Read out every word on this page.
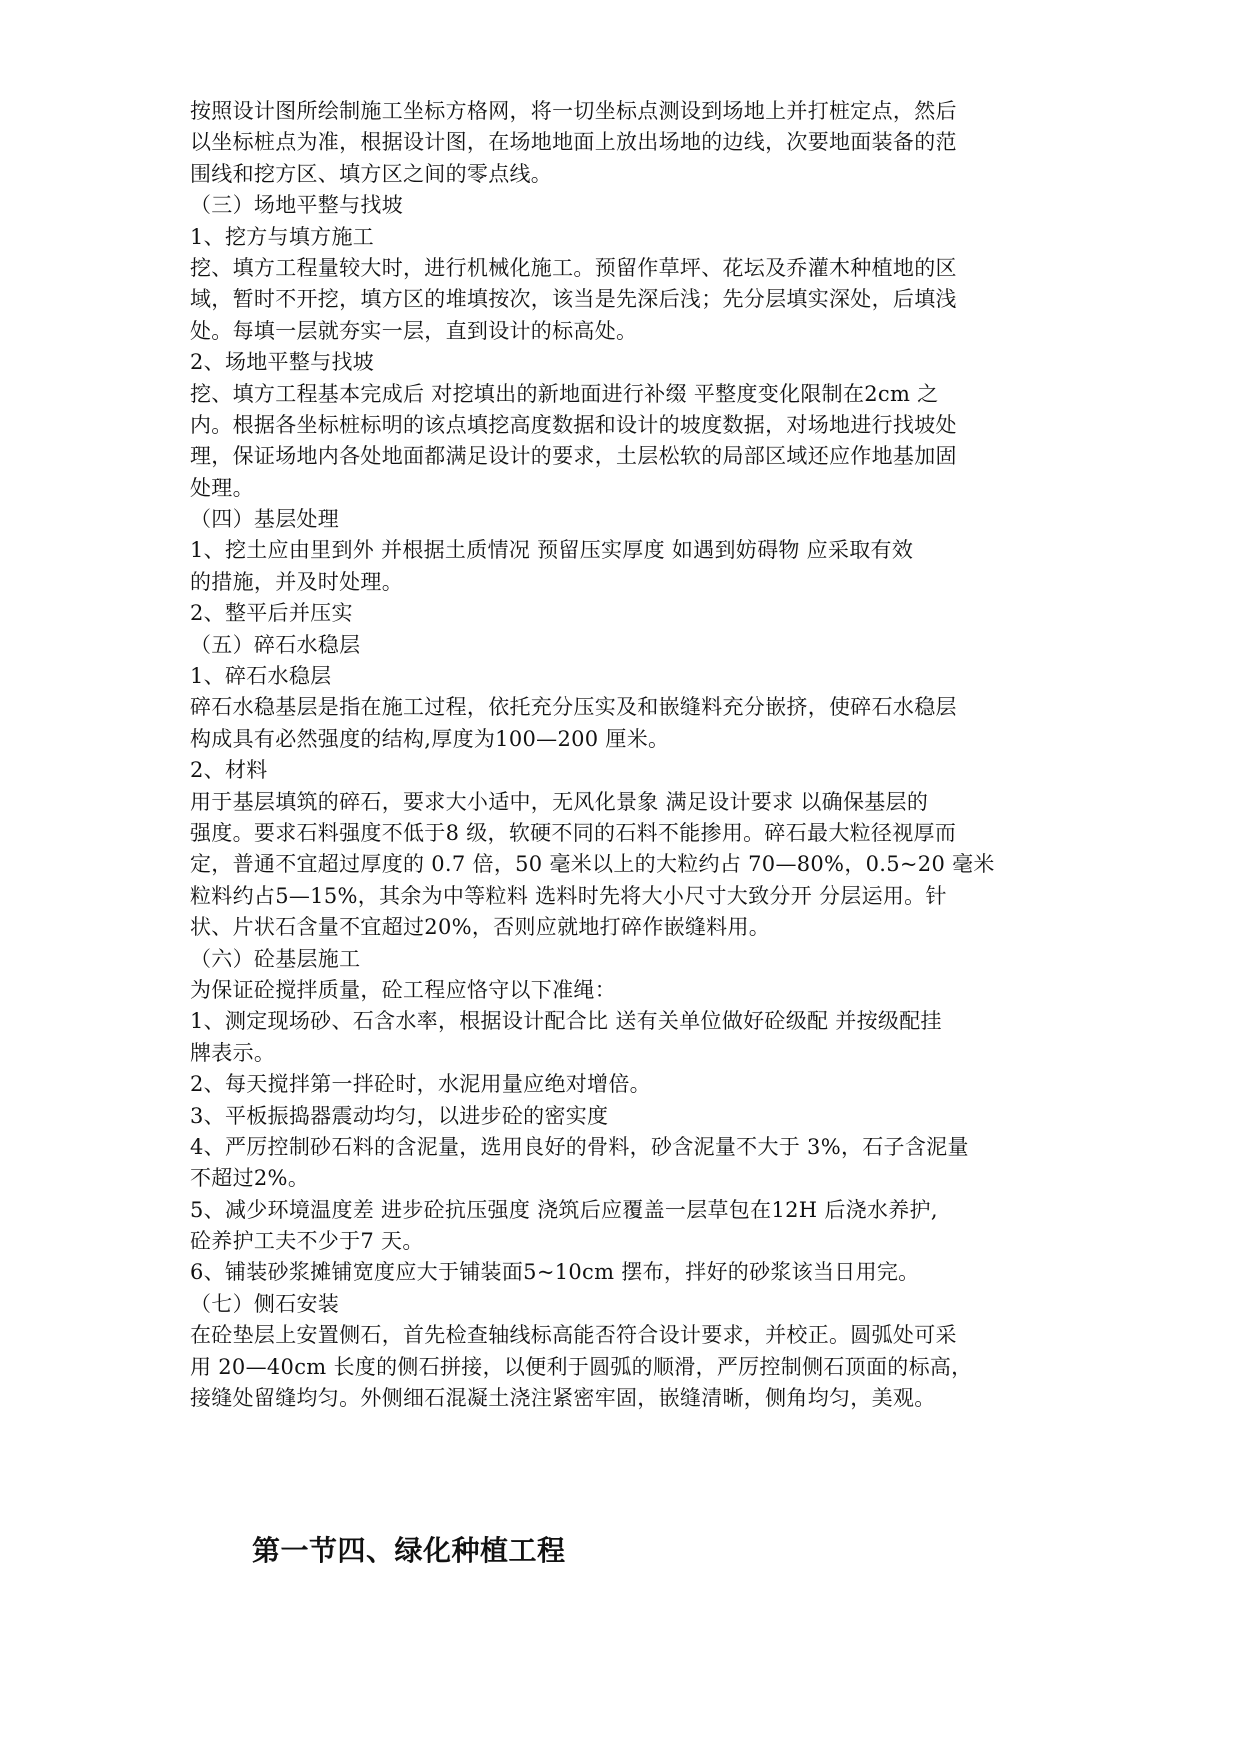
按照设计图所绘制施工坐标方格网，将一切坐标点测设到场地上并打桩定点，然后
以坐标桩点为准，根据设计图，在场地地面上放出场地的边线，次要地面装备的范
围线和挖方区、填方区之间的零点线。
（三）场地平整与找坡
1、挖方与填方施工
挖、填方工程量较大时，进行机械化施工。预留作草坪、花坛及乔灌木种植地的区
域，暂时不开挖，填方区的堆填按次，该当是先深后浅；先分层填实深处，后填浅
处。每填一层就夯实一层，直到设计的标高处。
2、场地平整与找坡
挖、填方工程基本完成后 对挖填出的新地面进行补缀 平整度变化限制在2cm 之
内。根据各坐标桩标明的该点填挖高度数据和设计的坡度数据，对场地进行找坡处
理，保证场地内各处地面都满足设计的要求，土层松软的局部区域还应作地基加固
处理。
（四）基层处理
1、挖土应由里到外 并根据土质情况 预留压实厚度 如遇到妨碍物 应采取有效
的措施，并及时处理。
2、整平后并压实
（五）碎石水稳层
1、碎石水稳层
碎石水稳基层是指在施工过程，依托充分压实及和嵌缝料充分嵌挤，使碎石水稳层
构成具有必然强度的结构,厚度为100—200 厘米。
2、材料
用于基层填筑的碎石，要求大小适中，无风化景象 满足设计要求 以确保基层的
强度。要求石料强度不低于8 级，软硬不同的石料不能掺用。碎石最大粒径视厚而
定，普通不宜超过厚度的 0.7 倍，50 毫米以上的大粒约占 70—80%，0.5~20 毫米
粒料约占5—15%，其余为中等粒料 选料时先将大小尺寸大致分开 分层运用。针
状、片状石含量不宜超过20%，否则应就地打碎作嵌缝料用。
（六）砼基层施工
为保证砼搅拌质量，砼工程应恪守以下准绳：
1、测定现场砂、石含水率，根据设计配合比 送有关单位做好砼级配 并按级配挂
牌表示。
2、每天搅拌第一拌砼时，水泥用量应绝对增倍。
3、平板振捣器震动均匀，以进步砼的密实度
4、严厉控制砂石料的含泥量，选用良好的骨料，砂含泥量不大于 3%，石子含泥量
不超过2%。
5、减少环境温度差 进步砼抗压强度 浇筑后应覆盖一层草包在12H 后浇水养护,
砼养护工夫不少于7 天。
6、铺装砂浆摊铺宽度应大于铺装面5~10cm 摆布，拌好的砂浆该当日用完。
（七）侧石安装
在砼垫层上安置侧石，首先检查轴线标高能否符合设计要求，并校正。圆弧处可采
用 20—40cm 长度的侧石拼接，以便利于圆弧的顺滑，严厉控制侧石顶面的标高，
接缝处留缝均匀。外侧细石混凝土浇注紧密牢固，嵌缝清晰，侧角均匀，美观。
第一节四、绿化种植工程
